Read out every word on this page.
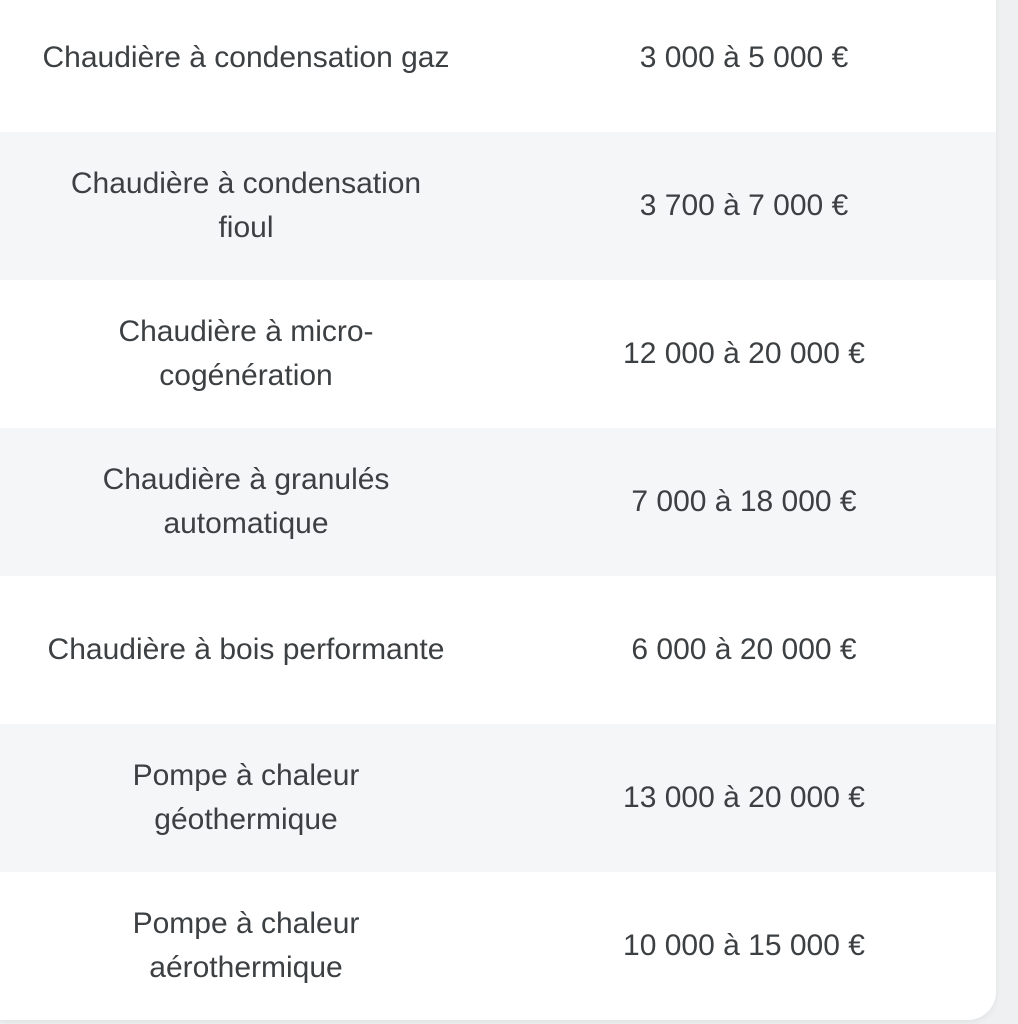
Chaudière à condensation gaz	3 000 à 5 000 €
Chaudière à condensation fioul
3 700 à 7 000 €
Chaudière à micro-cogénération
12 000 à 20 000 €
Chaudière à granulés automatique
7 000 à 18 000 €
Chaudière à bois performante	6 000 à 20 000 €
Pompe à chaleur géothermique
13 000 à 20 000 €
Pompe à chaleur aérothermique
10 000 à 15 000 €
